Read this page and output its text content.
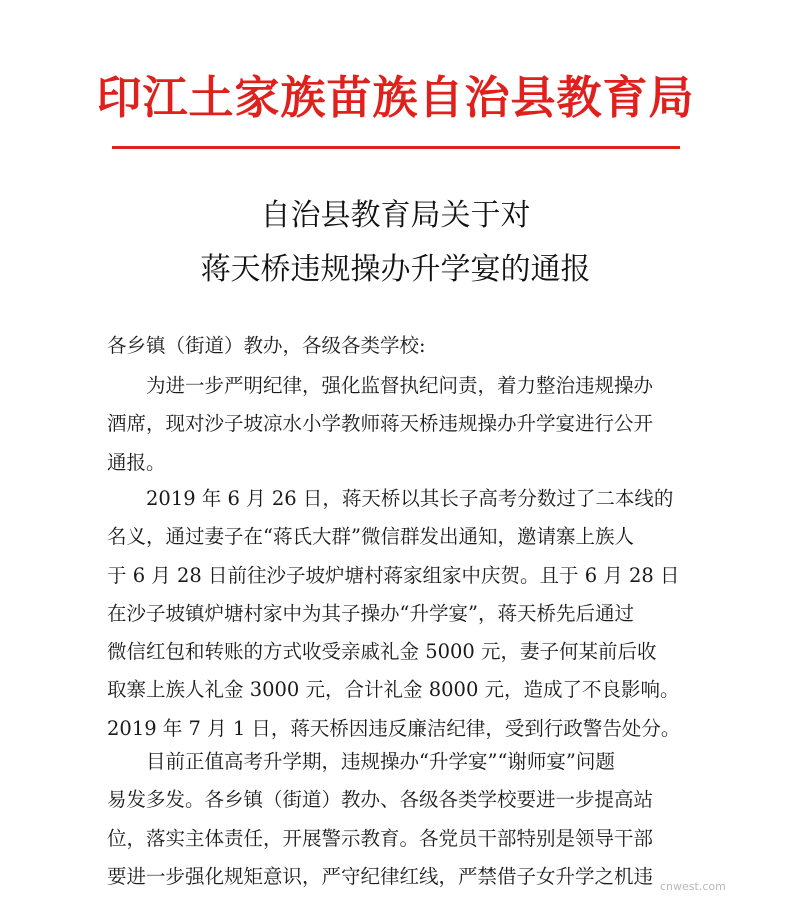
印江土家族苗族自治县教育局
自治县教育局关于对
蒋天桥违规操办升学宴的通报
各乡镇（街道）教办，各级各类学校:
为进一步严明纪律，强化监督执纪问责，着力整治违规操办
酒席，现对沙子坡凉水小学教师蒋天桥违规操办升学宴进行公开
通报。
2019 年 6 月 26 日，蒋天桥以其长子高考分数过了二本线的
名义，通过妻子在“蒋氏大群”微信群发出通知，邀请寨上族人
于 6 月 28 日前往沙子坡炉塘村蒋家组家中庆贺。且于 6 月 28 日
在沙子坡镇炉塘村家中为其子操办“升学宴”，蒋天桥先后通过
微信红包和转账的方式收受亲戚礼金 5000 元，妻子何某前后收
取寨上族人礼金 3000 元，合计礼金 8000 元，造成了不良影响。
2019 年 7 月 1 日，蒋天桥因违反廉洁纪律，受到行政警告处分。
目前正值高考升学期，违规操办“升学宴”“谢师宴”问题
易发多发。各乡镇（街道）教办、各级各类学校要进一步提高站
位，落实主体责任，开展警示教育。各党员干部特别是领导干部
要进一步强化规矩意识，严守纪律红线，严禁借子女升学之机违 cnwest.com
